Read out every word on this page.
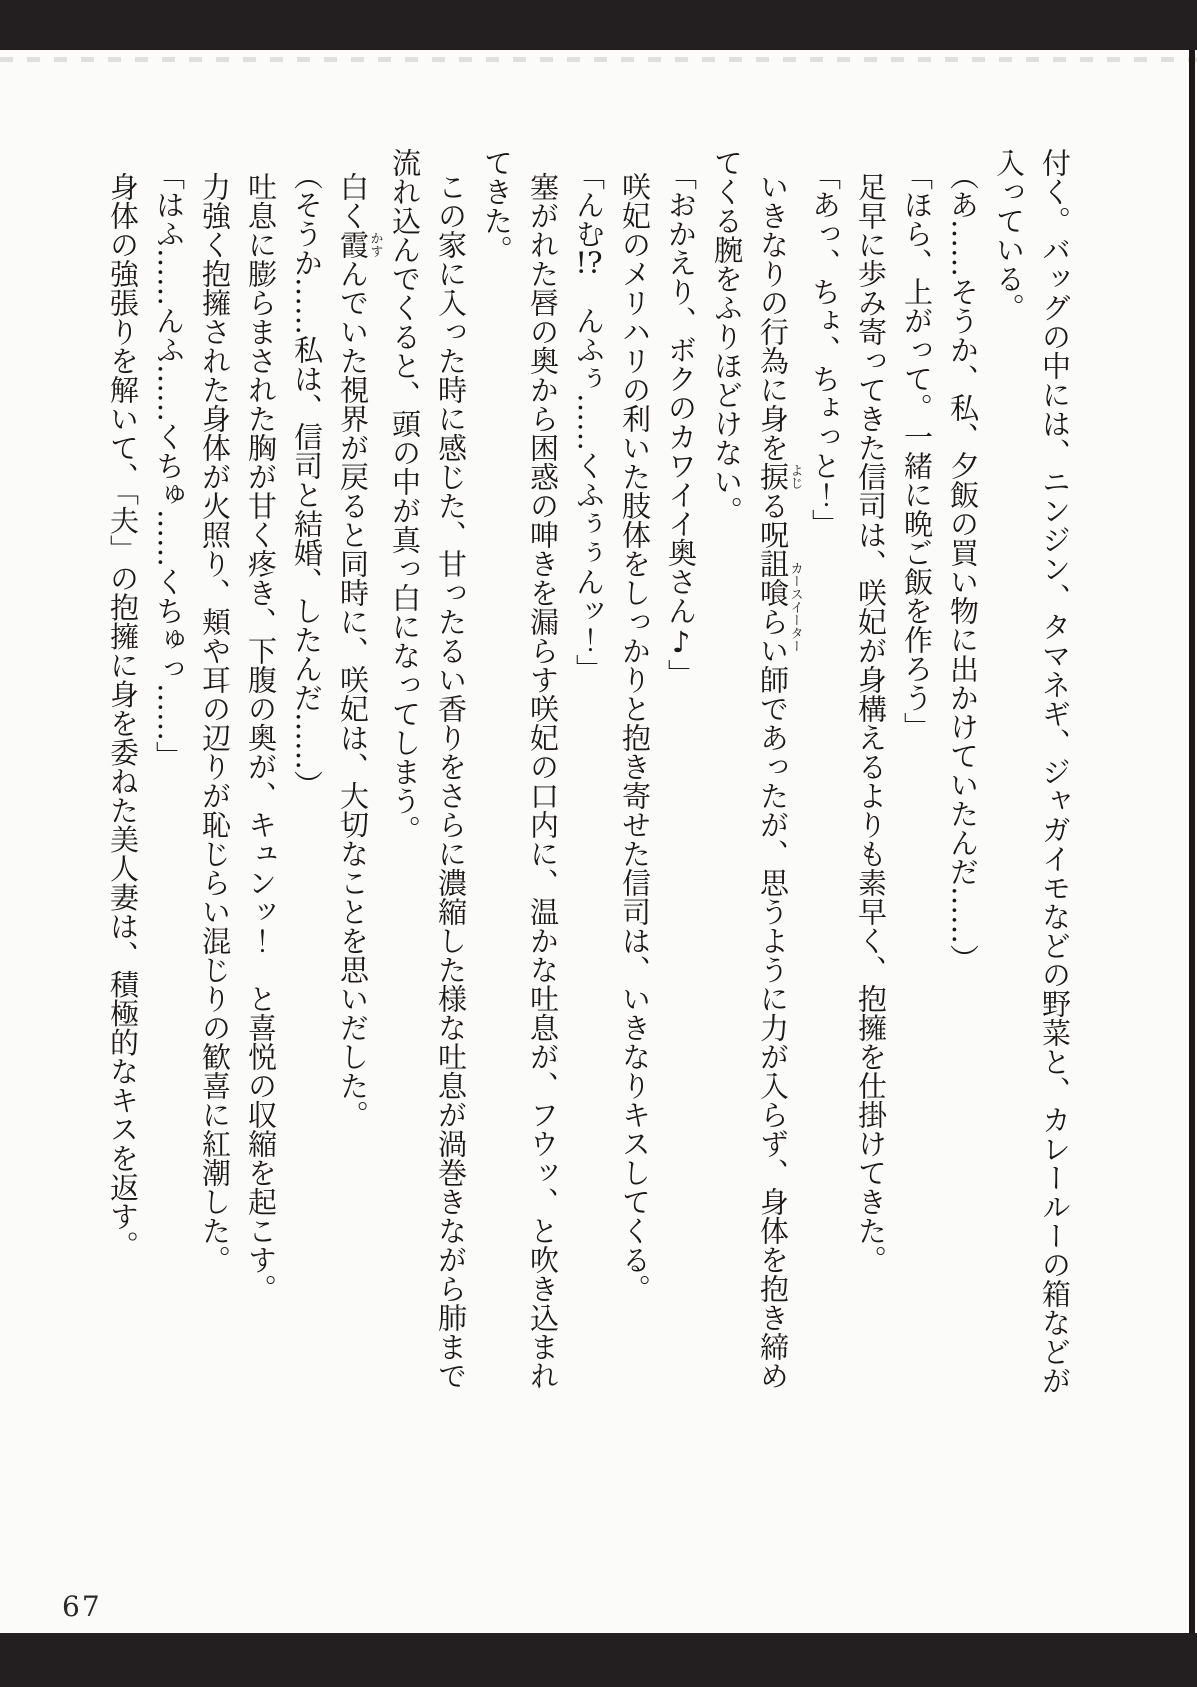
付く。バッグの中には、ニンジン、タマネギ、ジャガイモなどの野菜と、カレールーの箱などが入っている。

（あ……そうか、私、夕飯の買い物に出かけていたんだ……）

「ほら、上がって。一緒に晩ご飯を作ろう」

足早に歩み寄ってきた信司は、咲妃が身構えるよりも素早く、抱擁を仕掛けてきた。

「あっ、ちょ、ちょっと！」

いきなりの行為に身を捩よじる呪詛喰らい師カースイーターであったが、思うように力が入らず、身体を抱き締めてくる腕をふりほどけない。

「おかえり、ボクのカワイイ奥さん♪」

咲妃のメリハリの利いた肢体をしっかりと抱き寄せた信司は、いきなりキスしてくる。

「んむ!?　んふぅ……くふぅぅんッ！」

塞がれた唇の奥から困惑の呻きを漏らす咲妃の口内に、温かな吐息が、フウッ、と吹き込まれてきた。

この家に入った時に感じた、甘ったるい香りをさらに濃縮した様な吐息が渦巻きながら肺まで流れ込んでくると、頭の中が真っ白になってしまう。

白く霞かすんでいた視界が戻ると同時に、咲妃は、大切なことを思いだした。

（そうか……私は、信司と結婚、したんだ……）

吐息に膨らまされた胸が甘く疼き、下腹の奥が、キュンッ！　と喜悦の収縮を起こす。

力強く抱擁された身体が火照り、頬や耳の辺りが恥じらい混じりの歓喜に紅潮した。

「はふ……んふ……くちゅ……くちゅっ……」

身体の強張りを解いて、「夫」の抱擁に身を委ねた美人妻は、積極的なキスを返す。

67
